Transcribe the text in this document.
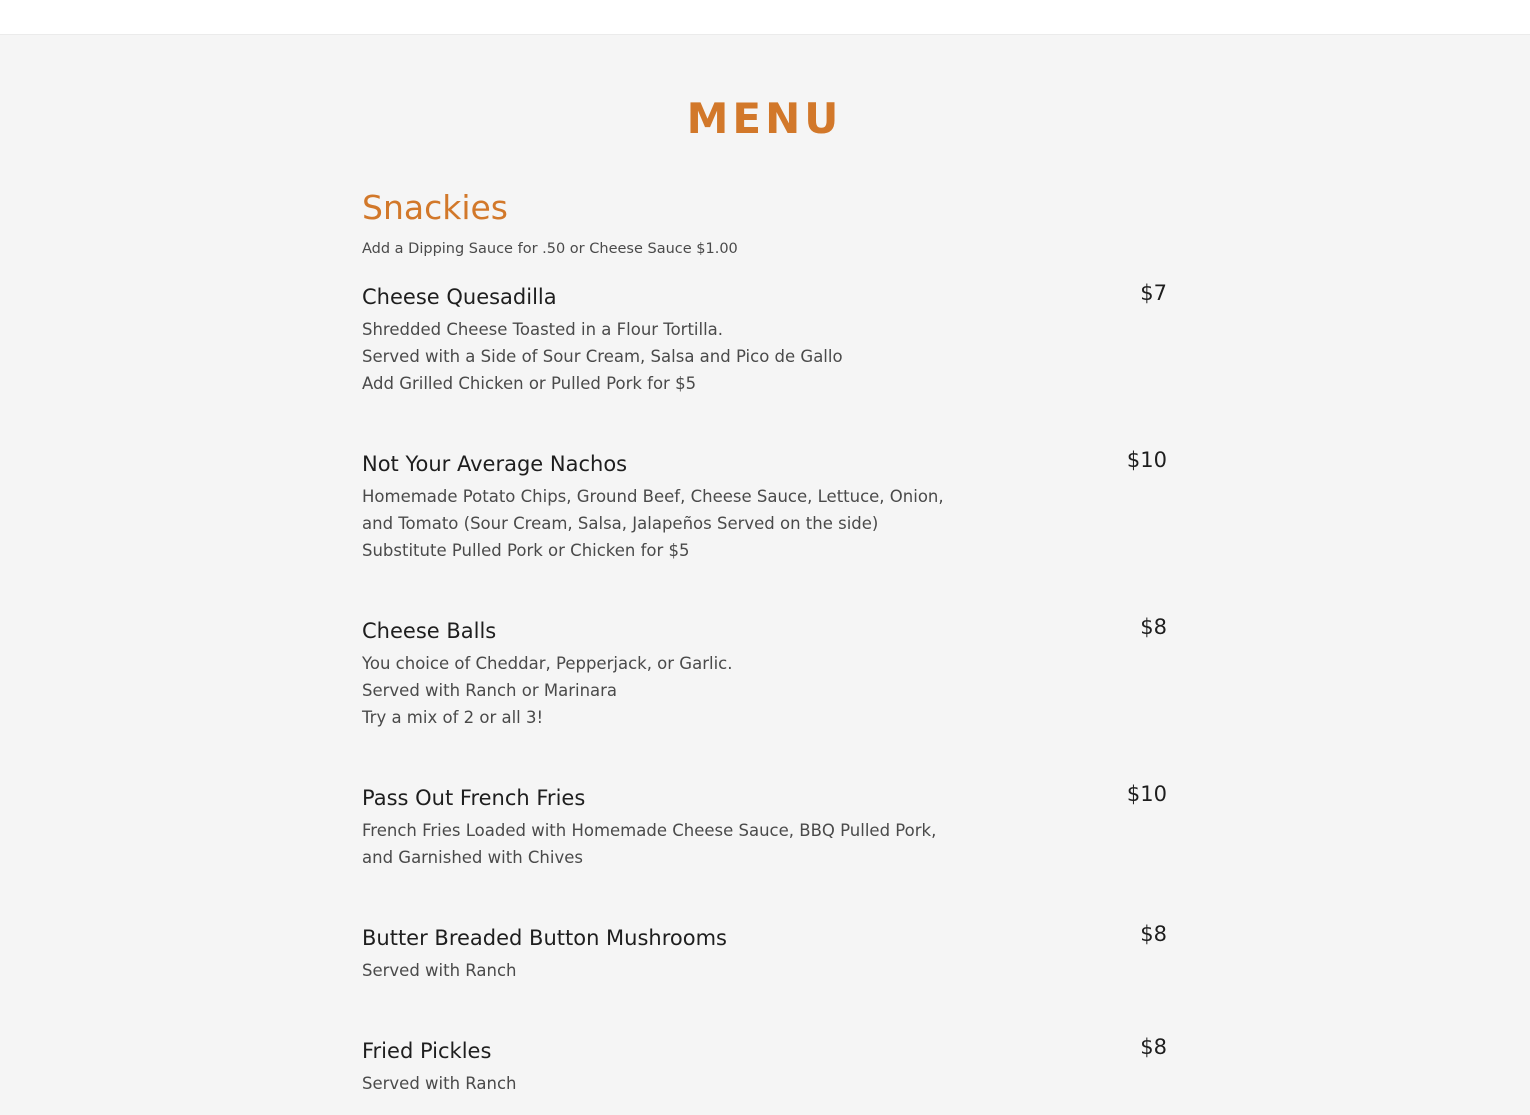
MENU
Snackies

Add a Dipping Sauce for .50 or Cheese Sauce $1.00

Cheese Quesadilla	$7

Shredded Cheese Toasted in a Flour Tortilla.
Served with a Side of Sour Cream, Salsa and Pico de Gallo
Add Grilled Chicken or Pulled Pork for $5

Not Your Average Nachos	$10

Homemade Potato Chips, Ground Beef, Cheese Sauce, Lettuce, Onion,
and Tomato (Sour Cream, Salsa, Jalapeños Served on the side)
Substitute Pulled Pork or Chicken for $5

Cheese Balls	$8

You choice of Cheddar, Pepperjack, or Garlic.
Served with Ranch or Marinara
Try a mix of 2 or all 3!

Pass Out French Fries	$10

French Fries Loaded with Homemade Cheese Sauce, BBQ Pulled Pork,
and Garnished with Chives

Butter Breaded Button Mushrooms	$8

Served with Ranch

Fried Pickles	$8

Served with Ranch
